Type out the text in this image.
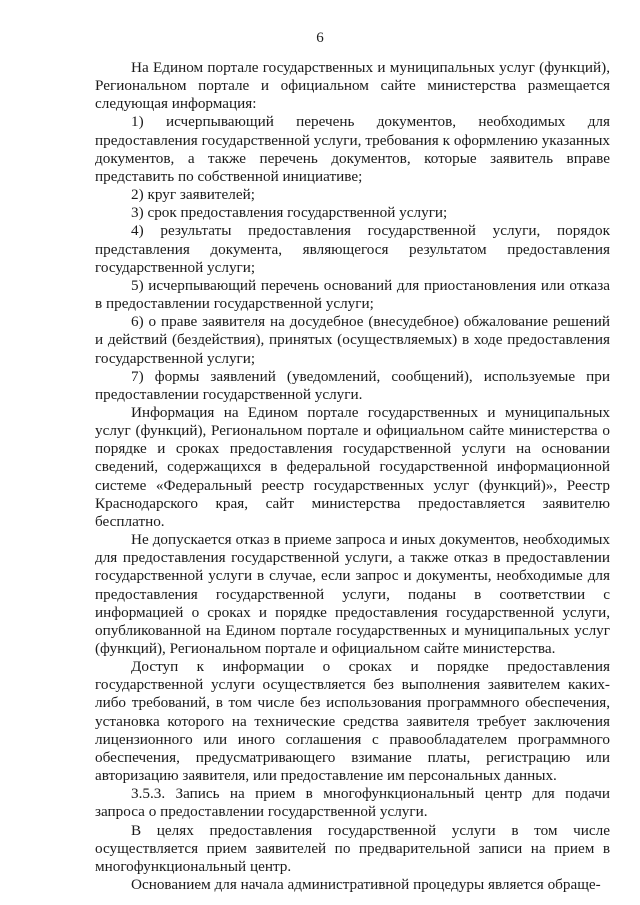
6

На Едином портале государственных и муниципальных услуг (функций), Региональном портале и официальном сайте министерства размещается следующая информация:

1) исчерпывающий перечень документов, необходимых для предоставления государственной услуги, требования к оформлению указанных документов, а также перечень документов, которые заявитель вправе представить по собственной инициативе;

2) круг заявителей;

3) срок предоставления государственной услуги;

4) результаты предоставления государственной услуги, порядок представления документа, являющегося результатом предоставления государственной услуги;

5) исчерпывающий перечень оснований для приостановления или отказа в предоставлении государственной услуги;

6) о праве заявителя на досудебное (внесудебное) обжалование решений и действий (бездействия), принятых (осуществляемых) в ходе предоставления государственной услуги;

7) формы заявлений (уведомлений, сообщений), используемые при предоставлении государственной услуги.

Информация на Едином портале государственных и муниципальных услуг (функций), Региональном портале и официальном сайте министерства о порядке и сроках предоставления государственной услуги на основании сведений, содержащихся в федеральной государственной информационной системе «Федеральный реестр государственных услуг (функций)», Реестр Краснодарского края, сайт министерства предоставляется заявителю бесплатно.

Не допускается отказ в приеме запроса и иных документов, необходимых для предоставления государственной услуги, а также отказ в предоставлении государственной услуги в случае, если запрос и документы, необходимые для предоставления государственной услуги, поданы в соответствии с информацией о сроках и порядке предоставления государственной услуги, опубликованной на Едином портале государственных и муниципальных услуг (функций), Региональном портале и официальном сайте министерства.

Доступ к информации о сроках и порядке предоставления государственной услуги осуществляется без выполнения заявителем каких-либо требований, в том числе без использования программного обеспечения, установка которого на технические средства заявителя требует заключения лицензионного или иного соглашения с правообладателем программного обеспечения, предусматривающего взимание платы, регистрацию или авторизацию заявителя, или предоставление им персональных данных.

3.5.3. Запись на прием в многофункциональный центр для подачи запроса о предоставлении государственной услуги.

В целях предоставления государственной услуги в том числе осуществляется прием заявителей по предварительной записи на прием в многофункциональный центр.

Основанием для начала административной процедуры является обраще-
